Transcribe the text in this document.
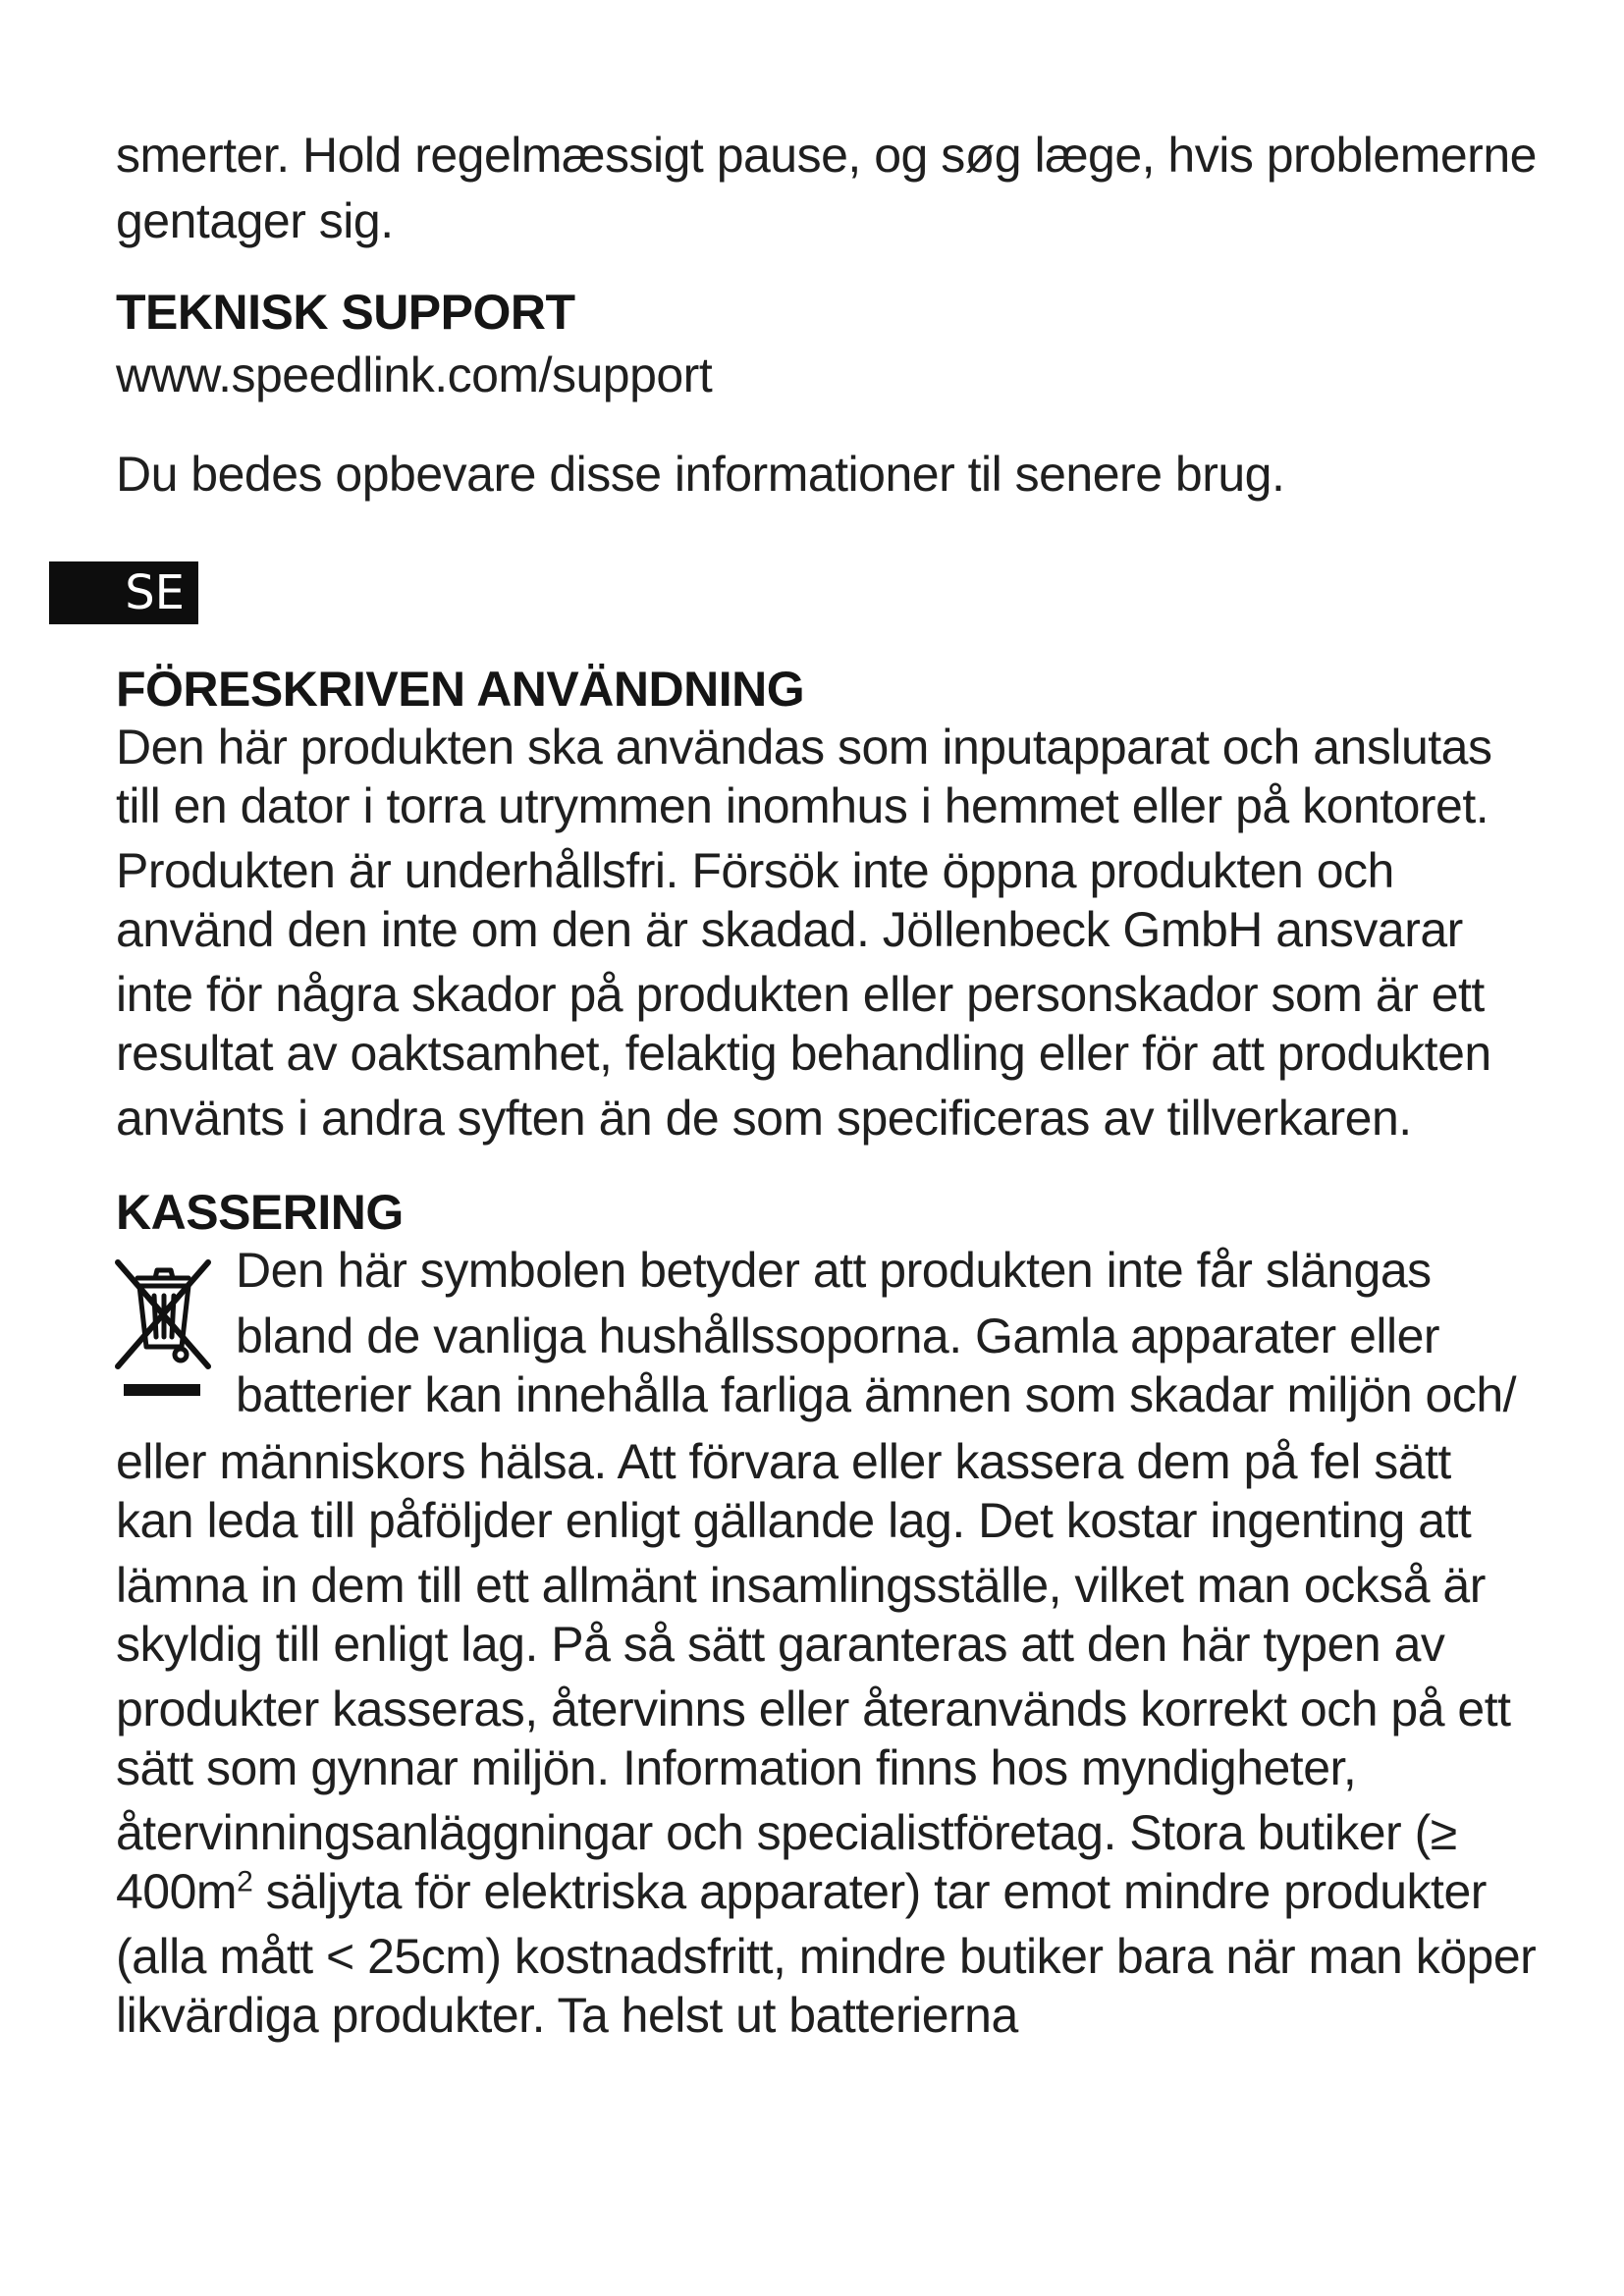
smerter. Hold regelmæssigt pause, og søg læge, hvis problemerne
gentager sig.
TEKNISK SUPPORT
www.speedlink.com/support
Du bedes opbevare disse informationer til senere brug.
SE
FÖRESKRIVEN ANVÄNDNING
Den här produkten ska användas som inputapparat och anslutas
till en dator i torra utrymmen inomhus i hemmet eller på kontoret.
Produkten är underhållsfri. Försök inte öppna produkten och
använd den inte om den är skadad. Jöllenbeck GmbH ansvarar
inte för några skador på produkten eller personskador som är ett
resultat av oaktsamhet, felaktig behandling eller för att produkten
använts i andra syften än de som specificeras av tillverkaren.
KASSERING
Den här symbolen betyder att produkten inte får slängas
bland de vanliga hushållssoporna. Gamla apparater eller
batterier kan innehålla farliga ämnen som skadar miljön och/
eller människors hälsa. Att förvara eller kassera dem på fel sätt
kan leda till påföljder enligt gällande lag. Det kostar ingenting att
lämna in dem till ett allmänt insamlingsställe, vilket man också är
skyldig till enligt lag. På så sätt garanteras att den här typen av
produkter kasseras, återvinns eller återanvänds korrekt och på ett
sätt som gynnar miljön. Information finns hos myndigheter,
återvinningsanläggningar och specialistföretag. Stora butiker (≥
$400m^2$ säljyta för elektriska apparater) tar emot mindre produkter
(alla mått < 25cm) kostnadsfritt, mindre butiker bara när man köper
likvärdiga produkter. Ta helst ut batterierna
